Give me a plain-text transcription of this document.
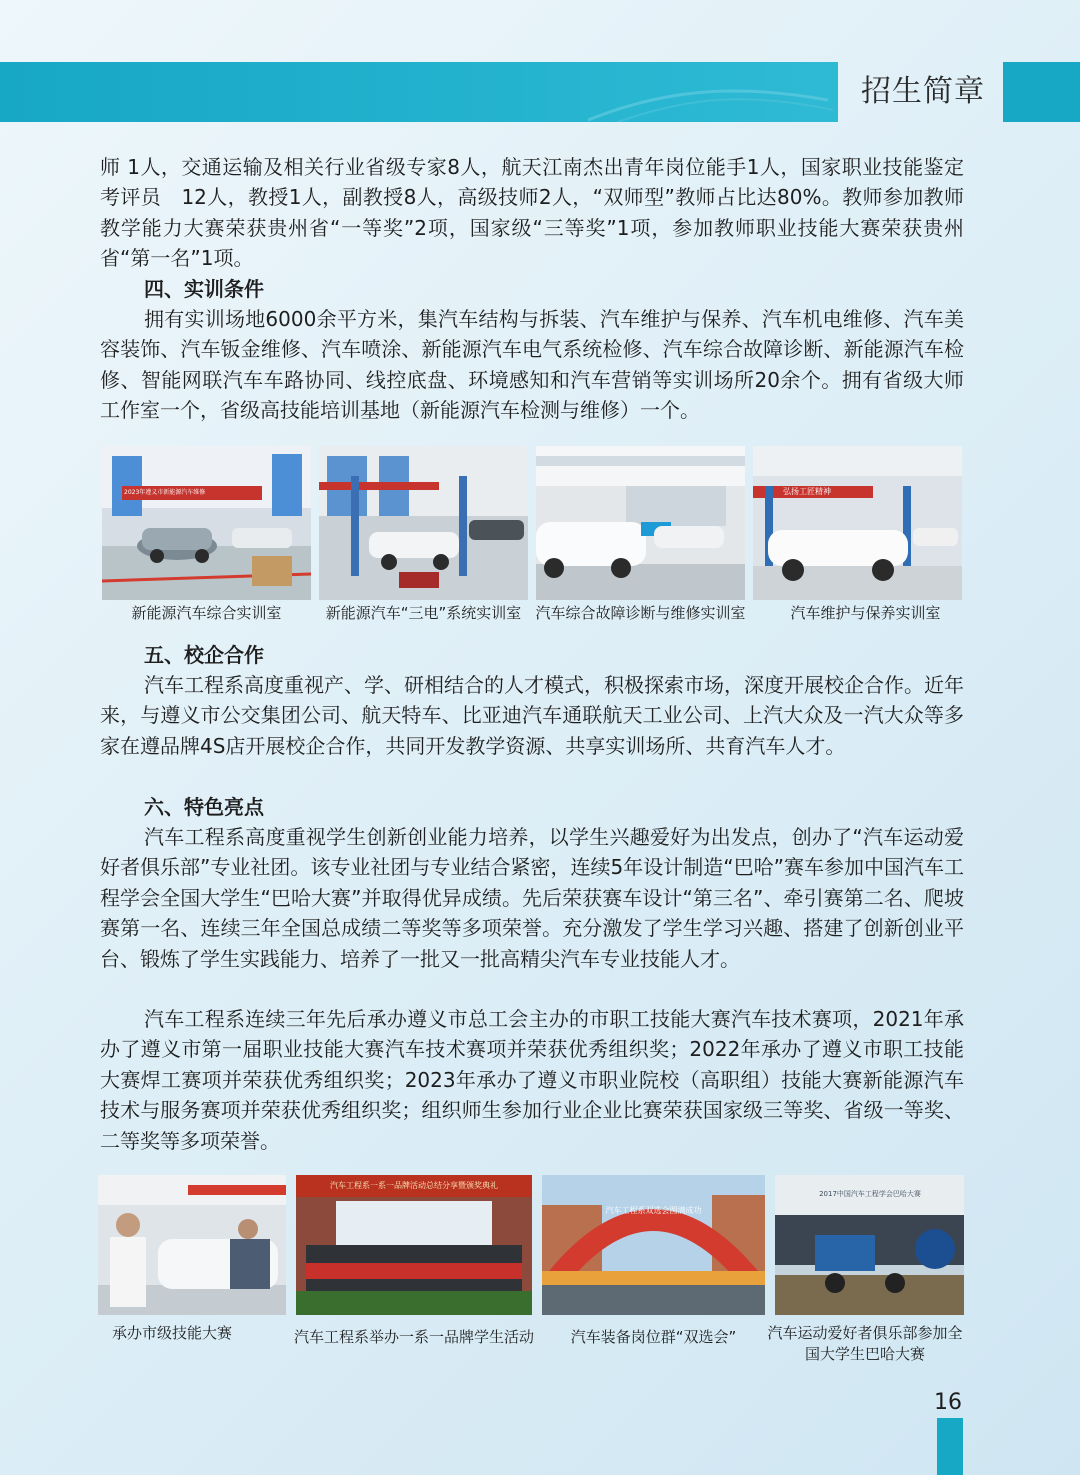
招生简章

师 1人，交通运输及相关行业省级专家8人，航天江南杰出青年岗位能手1人，国家职业技能鉴定考评员　12人，教授1人，副教授8人，高级技师2人，“双师型”教师占比达80%。教师参加教师教学能力大赛荣获贵州省“一等奖”2项，国家级“三等奖”1项，参加教师职业技能大赛荣获贵州省“第一名”1项。

四、实训条件

拥有实训场地6000余平方米，集汽车结构与拆装、汽车维护与保养、汽车机电维修、汽车美容装饰、汽车钣金维修、汽车喷涂、新能源汽车电气系统检修、汽车综合故障诊断、新能源汽车检修、智能网联汽车车路协同、线控底盘、环境感知和汽车营销等实训场所20余个。拥有省级大师工作室一个，省级高技能培训基地（新能源汽车检测与维修）一个。

2023年遵义市新能源汽车维修	弘扬工匠精神
新能源汽车综合实训室	新能源汽车“三电”系统实训室 汽车综合故障诊断与维修实训室	汽车维护与保养实训室

五、校企合作

汽车工程系高度重视产、学、研相结合的人才模式，积极探索市场，深度开展校企合作。近年来，与遵义市公交集团公司、航天特车、比亚迪汽车通联航天工业公司、上汽大众及一汽大众等多家在遵品牌4S店开展校企合作，共同开发教学资源、共享实训场所、共育汽车人才。

六、特色亮点

汽车工程系高度重视学生创新创业能力培养，以学生兴趣爱好为出发点，创办了“汽车运动爱好者俱乐部”专业社团。该专业社团与专业结合紧密，连续5年设计制造“巴哈”赛车参加中国汽车工程学会全国大学生“巴哈大赛”并取得优异成绩。先后荣获赛车设计“第三名”、牵引赛第二名、爬坡赛第一名、连续三年全国总成绩二等奖等多项荣誉。充分激发了学生学习兴趣、搭建了创新创业平台、锻炼了学生实践能力、培养了一批又一批高精尖汽车专业技能人才。

汽车工程系连续三年先后承办遵义市总工会主办的市职工技能大赛汽车技术赛项，2021年承办了遵义市第一届职业技能大赛汽车技术赛项并荣获优秀组织奖；2022年承办了遵义市职工技能大赛焊工赛项并荣获优秀组织奖；2023年承办了遵义市职业院校（高职组）技能大赛新能源汽车技术与服务赛项并荣获优秀组织奖；组织师生参加行业企业比赛荣获国家级三等奖、省级一等奖、二等奖等多项荣誉。

汽车工程系一系一品牌活动总结分享暨颁奖典礼
汽车工程系双选会圆满成功
2017中国汽车工程学会巴哈大赛
承办市级技能大赛	汽车工程系举办一系一品牌学生活动	汽车装备岗位群“双选会”	汽车运动爱好者俱乐部参加全国大学生巴哈大赛
16
